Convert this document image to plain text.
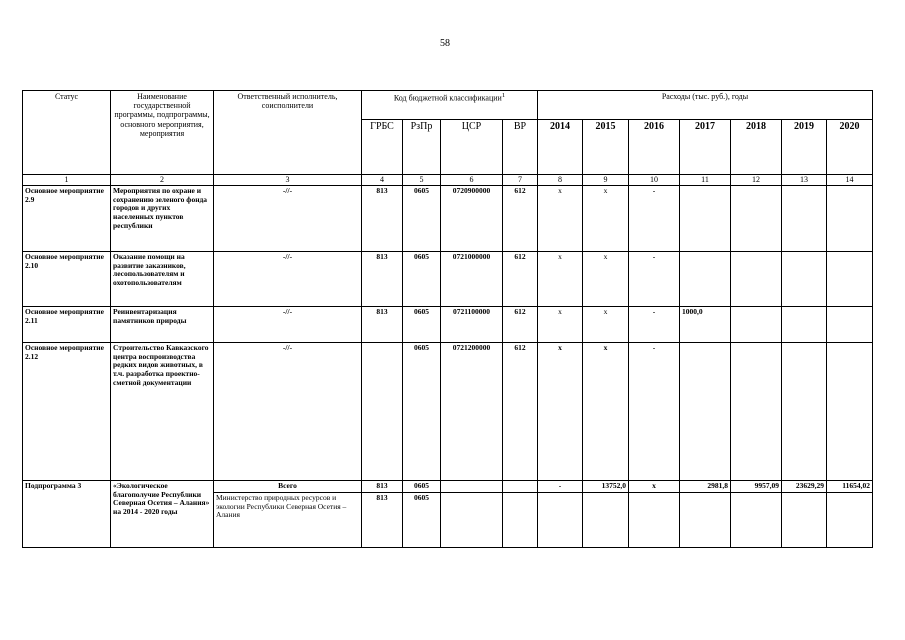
58
Статус	Наименование государственной программы, подпрограммы, основного мероприятия, мероприятия	Ответственный исполнитель, соисполнители	Код бюджетной классификации$^1$				Расходы (тыс. руб.), годы						
			ГРБС	РзПр	ЦСР	ВР	2014	2015	2016	2017	2018	2019	2020
1	2	3	4	5	6	7	8	9	10	11	12	13	14
Основное мероприятие 2.9	Мероприятия по охране и сохранению зеленого фонда городов и других населенных пунктов республики	-//-	813	0605	0720900000	612	х	х	-				
Основное мероприятие 2.10	Оказание помощи на развитие заказников, лесопользователям и охотопользователям	-//-	813	0605	0721000000	612	х	х	-				
Основное мероприятие 2.11	Реинвентаризация памятников природы	-//-	813	0605	0721100000	612	х	х	-	1000,0			
Основное мероприятие 2.12	Строительство Кавказского центра воспроизводства редких видов животных, в т.ч. разработка проектно-сметной документации	-//-		0605	0721200000	612	х	х	-				
Подпрограмма 3	«Экологическое благополучие Республики Северная Осетия – Алания» на 2014 - 2020 годы	Всего	813	0605			-	13752,0	х	2981,8	9957,09	23629,29	11654,02
		Министерство природных ресурсов и экологии Республики Северная Осетия – Алания	813	0605									
